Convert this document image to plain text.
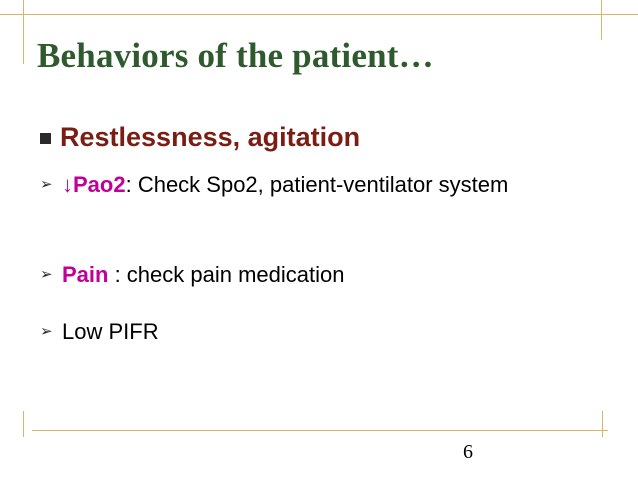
Behaviors of the patient…
Restlessness, agitation
➢ ↓Pao2: Check Spo2, patient-ventilator system
➢ Pain : check pain medication
➢ Low PIFR
6
